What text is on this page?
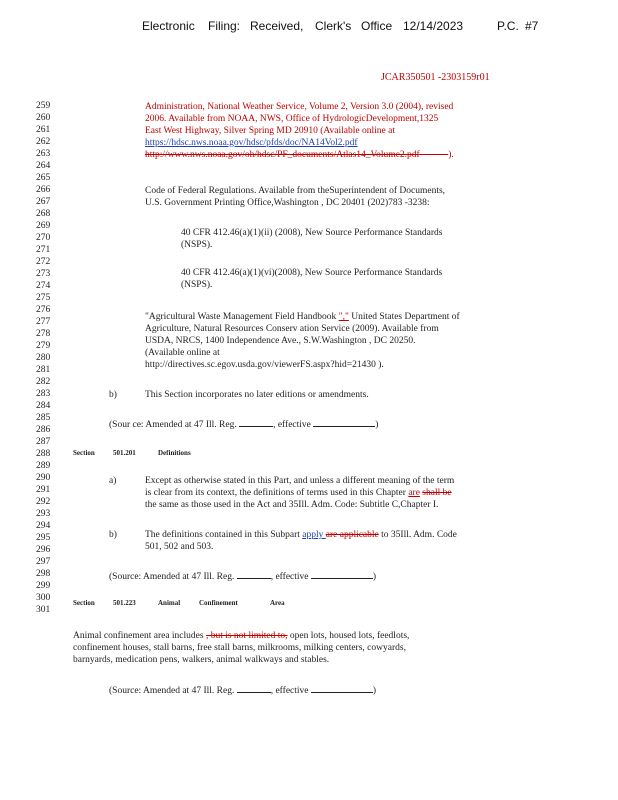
Electronic Filing: Received, Clerk's Office 12/14/2023	P.C. #7
JCAR350501 -2303159r01
259
260
261
262
263
264
265
266
267
268
269
270
271
272
273
274
275
276
277
278
279
280
281
282
283
284
285
286
287
288
289
290
291
292
293
294
295
296
297
298
299
300
301
Administration, National Weather Service, Volume 2, Version 3.0 (2004), revised
2006. Available from NOAA, NWS, Office of HydrologicDevelopment,1325
East West Highway, Silver Spring MD 20910 (Available online at
https://hdsc.nws.noaa.gov/hdsc/pfds/doc/NA14Vol2.pdf
http://www.nws.noaa.gov/oh/hdsc/PF_documents/Atlas14_Volume2.pdf      	).
Code of Federal Regulations. Available from theSuperintendent of Documents,
U.S. Government Printing Office,Washington , DC 20401 (202)783 -3238:
40 CFR 412.46(a)(1)(ii) (2008), New Source Performance Standards
(NSPS).
40 CFR 412.46(a)(1)(vi)(2008), New Source Performance Standards
(NSPS).
"Agricultural Waste Management Field Handbook "," United States Department of
Agriculture, Natural Resources Conserv ation Service (2009). Available from
USDA, NRCS, 1400 Independence Ave., S.W.Washington , DC 20250.
(Available online at
http://directives.sc.egov.usda.gov/viewerFS.aspx?hid=21430 ).
b)	This Section incorporates no later editions or amendments.
(Sour ce: Amended at 47 Ill. Reg.	, effective	)
Section	501.201	Definitions
a)	Except as otherwise stated in this Part, and unless a different meaning of the term
is clear from its context, the definitions of terms used in this Chapter are shall be
the same as those used in the Act and 35Ill. Adm. Code: Subtitle C,Chapter I.
b)	The definitions contained in this Subpart apply are applicable to 35Ill. Adm. Code
501, 502 and 503.
(Source: Amended at 47 Ill. Reg.	, effective	)
Section	501.223	Animal	Confinement	Area
Animal confinement area includes , but is not limited to, open lots, housed lots, feedlots,
confinement houses, stall barns, free stall barns, milkrooms, milking centers, cowyards,
barnyards, medication pens, walkers, animal walkways and stables.
(Source: Amended at 47 Ill. Reg.	, effective	)
